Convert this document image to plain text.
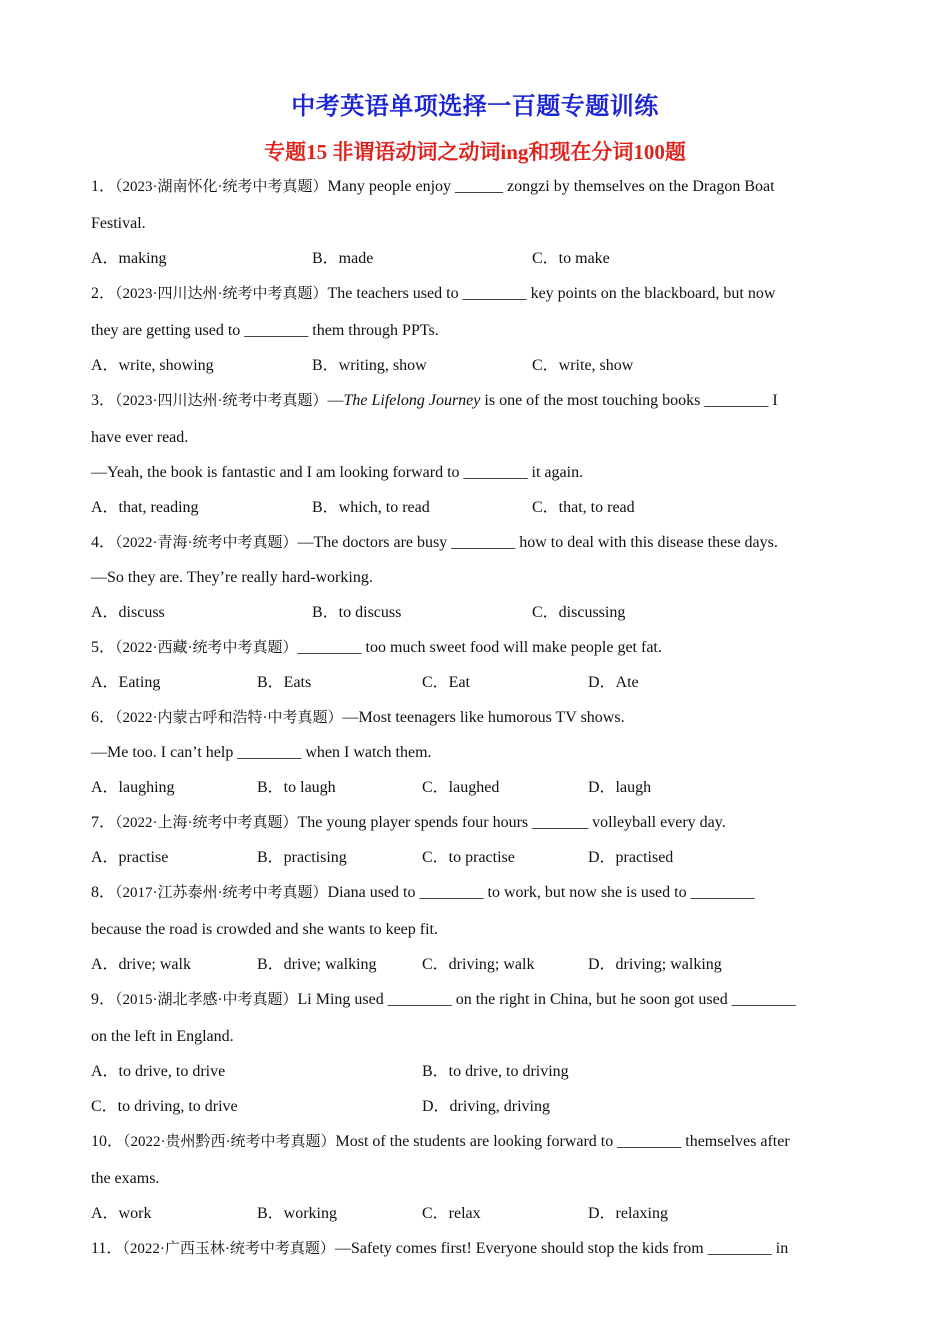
中考英语单项选择一百题专题训练
专题15 非谓语动词之动词ing和现在分词100题
1．（2023·湖南怀化·统考中考真题）Many people enjoy ______ zongzi by themselves on the Dragon Boat
Festival.
A．making	B．made	C．to make
2．（2023·四川达州·统考中考真题）The teachers used to ________ key points on the blackboard, but now
they are getting used to ________ them through PPTs.
A．write, showing	B．writing, show	C．write, show
3．（2023·四川达州·统考中考真题）—The Lifelong Journey is one of the most touching books ________ I
have ever read.
—Yeah, the book is fantastic and I am looking forward to ________ it again.
A．that, reading	B．which, to read	C．that, to read
4．（2022·青海·统考中考真题）—The doctors are busy ________ how to deal with this disease these days.
—So they are. They’re really hard-working.
A．discuss	B．to discuss	C．discussing
5．（2022·西藏·统考中考真题）________ too much sweet food will make people get fat.
A．Eating	B．Eats	C．Eat	D．Ate
6．（2022·内蒙古呼和浩特·中考真题）—Most teenagers like humorous TV shows.
—Me too. I can’t help ________ when I watch them.
A．laughing	B．to laugh	C．laughed	D．laugh
7．（2022·上海·统考中考真题）The young player spends four hours _______ volleyball every day.
A．practise	B．practising	C．to practise	D．practised
8．（2017·江苏泰州·统考中考真题）Diana used to ________ to work, but now she is used to ________
because the road is crowded and she wants to keep fit.
A．drive; walk	B．drive; walking	C．driving; walk	D．driving; walking
9．（2015·湖北孝感·中考真题）Li Ming used ________ on the right in China, but he soon got used ________
on the left in England.
A．to drive, to drive	B．to drive, to driving
C．to driving, to drive	D．driving, driving
10．（2022·贵州黔西·统考中考真题）Most of the students are looking forward to ________ themselves after
the exams.
A．work	B．working	C．relax	D．relaxing
11．（2022·广西玉林·统考中考真题）—Safety comes first! Everyone should stop the kids from ________ in
